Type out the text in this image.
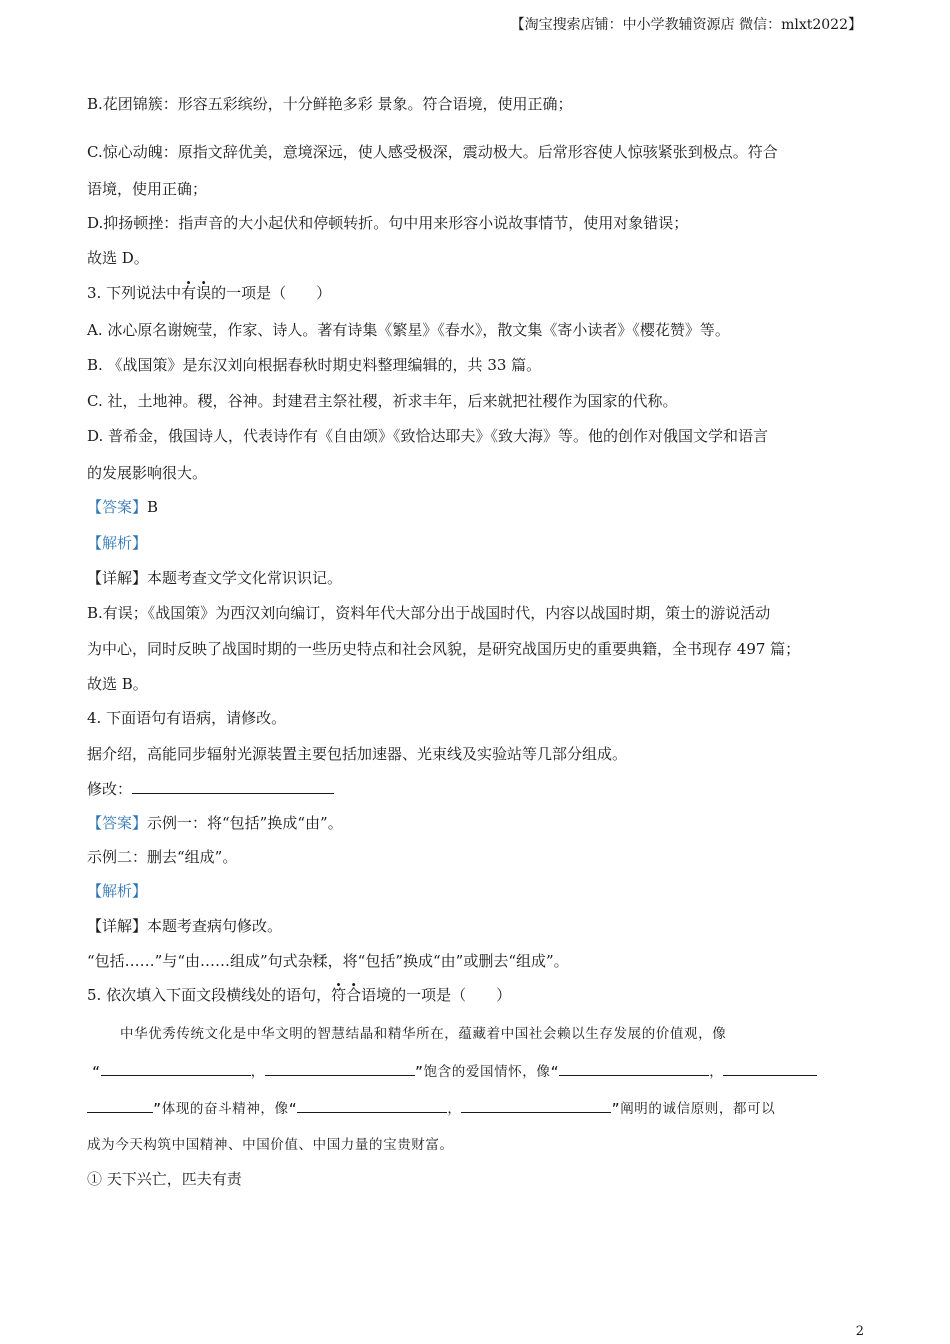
【淘宝搜索店铺：中小学教辅资源店 微信：mlxt2022】
B.花团锦簇：形容五彩缤纷，十分鲜艳多彩 景象。符合语境，使用正确；
C.惊心动魄：原指文辞优美，意境深远，使人感受极深，震动极大。后常形容使人惊骇紧张到极点。符合
语境，使用正确；
D.抑扬顿挫：指声音的大小起伏和停顿转折。句中用来形容小说故事情节，使用对象错误；
故选 D。
3. 下列说法中有误的一项是（　　）
A. 冰心原名谢婉莹，作家、诗人。著有诗集《繁星》《春水》，散文集《寄小读者》《樱花赞》等。
B. 《战国策》是东汉刘向根据春秋时期史料整理编辑的，共 33 篇。
C. 社，土地神。稷，谷神。封建君主祭社稷，祈求丰年，后来就把社稷作为国家的代称。
D. 普希金，俄国诗人，代表诗作有《自由颂》《致恰达耶夫》《致大海》等。他的创作对俄国文学和语言
的发展影响很大。
【答案】B
【解析】
【详解】本题考查文学文化常识识记。
B.有误；《战国策》为西汉刘向编订，资料年代大部分出于战国时代，内容以战国时期，策士的游说活动
为中心，同时反映了战国时期的一些历史特点和社会风貌，是研究战国历史的重要典籍，全书现存 497 篇；
故选 B。
4. 下面语句有语病，请修改。
据介绍，高能同步辐射光源装置主要包括加速器、光束线及实验站等几部分组成。
修改：
【答案】示例一：将“包括”换成“由”。
示例二：删去“组成”。
【解析】
【详解】本题考查病句修改。
“包括……”与“由……组成”句式杂糅，将“包括”换成“由”或删去“组成”。
5. 依次填入下面文段横线处的语句，符合语境的一项是（　　）
中华优秀传统文化是中华文明的智慧结晶和精华所在，蕴藏着中国社会赖以生存发展的价值观，像
“	，	”饱含的爱国情怀，像“	，
”体现的奋斗精神，像“	，	”阐明的诚信原则，都可以
成为今天构筑中国精神、中国价值、中国力量的宝贵财富。
① 天下兴亡，匹夫有责
2
